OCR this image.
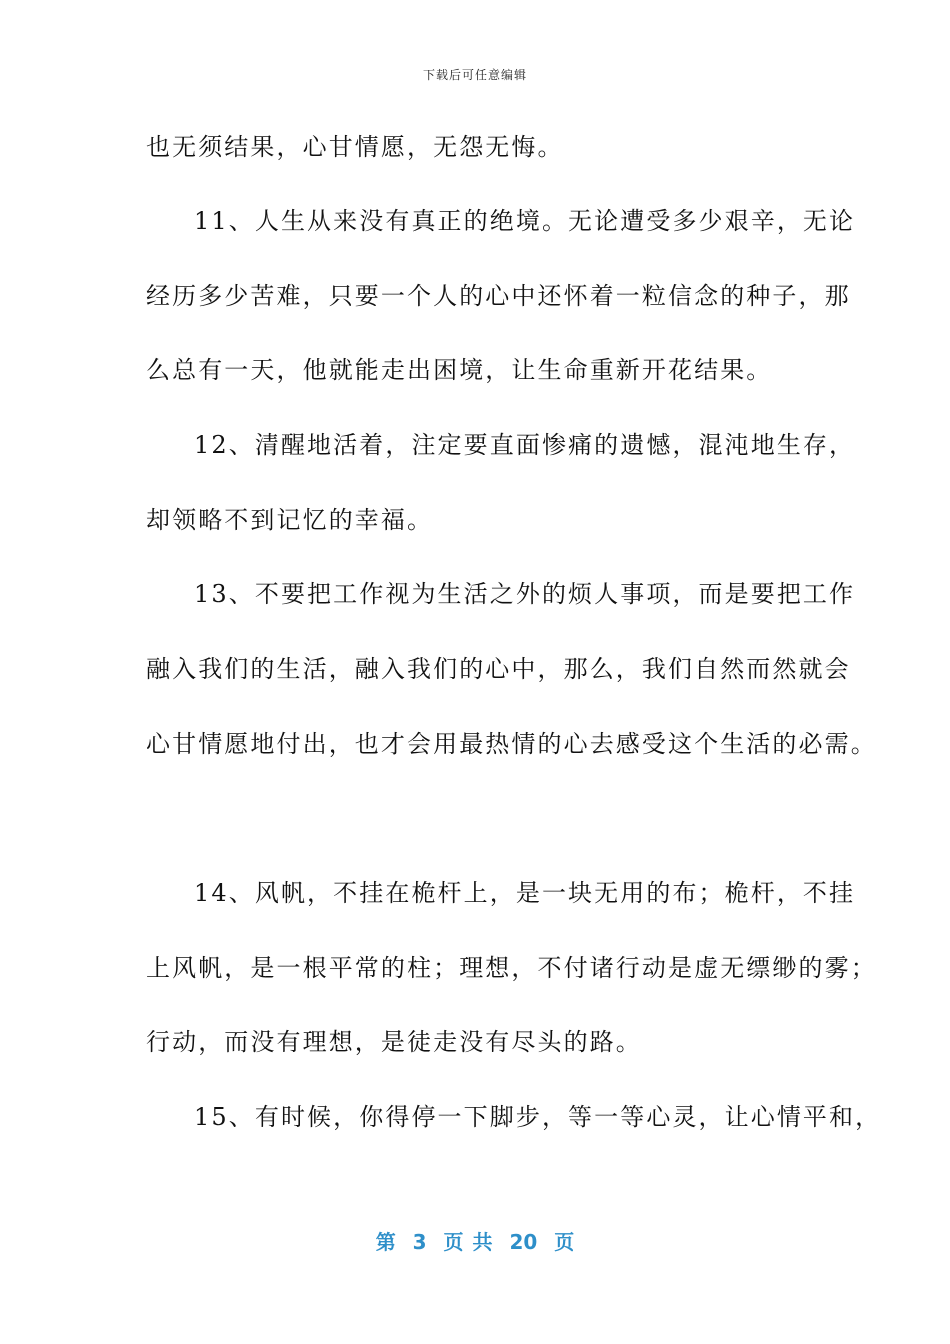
下载后可任意编辑
也无须结果，心甘情愿，无怨无悔。
11、人生从来没有真正的绝境。无论遭受多少艰辛，无论
经历多少苦难，只要一个人的心中还怀着一粒信念的种子，那
么总有一天，他就能走出困境，让生命重新开花结果。
12、清醒地活着，注定要直面惨痛的遗憾，混沌地生存，
却领略不到记忆的幸福。
13、不要把工作视为生活之外的烦人事项，而是要把工作
融入我们的生活，融入我们的心中，那么，我们自然而然就会
心甘情愿地付出，也才会用最热情的心去感受这个生活的必需。
14、风帆，不挂在桅杆上，是一块无用的布；桅杆，不挂
上风帆，是一根平常的柱；理想，不付诸行动是虚无缥缈的雾；
行动，而没有理想，是徒走没有尽头的路。
15、有时候，你得停一下脚步，等一等心灵，让心情平和，
第 3 页 共 20 页
